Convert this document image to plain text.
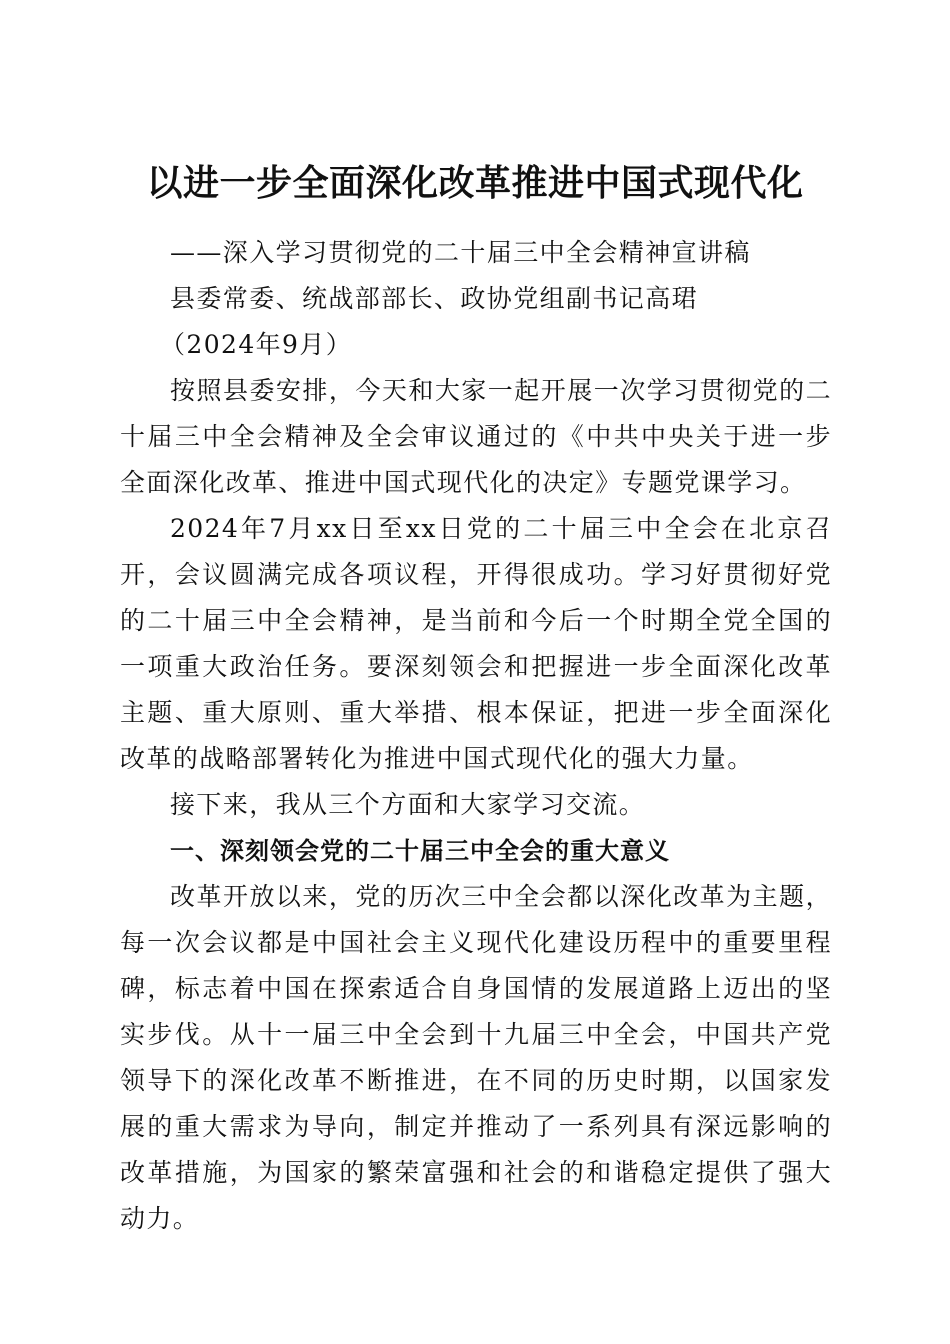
以进一步全面深化改革推进中国式现代化

——深入学习贯彻党的二十届三中全会精神宣讲稿

县委常委、统战部部长、政协党组副书记高珺

（2024年9月）

按照县委安排，今天和大家一起开展一次学习贯彻党的二十届三中全会精神及全会审议通过的《中共中央关于进一步全面深化改革、推进中国式现代化的决定》专题党课学习。

2024年7月xx日至xx日党的二十届三中全会在北京召开，会议圆满完成各项议程，开得很成功。学习好贯彻好党的二十届三中全会精神，是当前和今后一个时期全党全国的一项重大政治任务。要深刻领会和把握进一步全面深化改革主题、重大原则、重大举措、根本保证，把进一步全面深化改革的战略部署转化为推进中国式现代化的强大力量。

接下来，我从三个方面和大家学习交流。

一、深刻领会党的二十届三中全会的重大意义

改革开放以来，党的历次三中全会都以深化改革为主题，每一次会议都是中国社会主义现代化建设历程中的重要里程碑，标志着中国在探索适合自身国情的发展道路上迈出的坚实步伐。从十一届三中全会到十九届三中全会，中国共产党领导下的深化改革不断推进，在不同的历史时期，以国家发展的重大需求为导向，制定并推动了一系列具有深远影响的改革措施，为国家的繁荣富强和社会的和谐稳定提供了强大动力。
